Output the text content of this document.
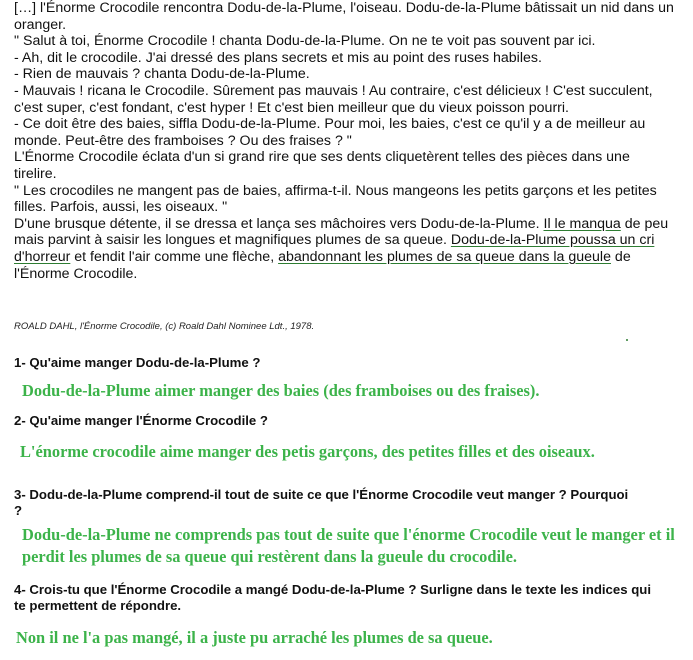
[…] l'Énorme Crocodile rencontra Dodu-de-la-Plume, l'oiseau. Dodu-de-la-Plume bâtissait un nid dans un oranger.

" Salut à toi, Énorme Crocodile ! chanta Dodu-de-la-Plume. On ne te voit pas souvent par ici.

- Ah, dit le crocodile. J'ai dressé des plans secrets et mis au point des ruses habiles.

- Rien de mauvais ? chanta Dodu-de-la-Plume.

- Mauvais ! ricana le Crocodile. Sûrement pas mauvais ! Au contraire, c'est délicieux ! C'est succulent, c'est super, c'est fondant, c'est hyper ! Et c'est bien meilleur que du vieux poisson pourri.

- Ce doit être des baies, siffla Dodu-de-la-Plume. Pour moi, les baies, c'est ce qu'il y a de meilleur au monde. Peut-être des framboises ? Ou des fraises ? "

L'Énorme Crocodile éclata d'un si grand rire que ses dents cliquetèrent telles des pièces dans une tirelire.

" Les crocodiles ne mangent pas de baies, affirma-t-il. Nous mangeons les petits garçons et les petites filles. Parfois, aussi, les oiseaux. "

D'une brusque détente, il se dressa et lança ses mâchoires vers Dodu-de-la-Plume. Il le manqua de peu mais parvint à saisir les longues et magnifiques plumes de sa queue. Dodu-de-la-Plume poussa un cri d'horreur et fendit l'air comme une flèche, abandonnant les plumes de sa queue dans la gueule de l'Énorme Crocodile.

ROALD DAHL, l'Énorme Crocodile, (c) Roald Dahl Nominee Ldt., 1978.
1- Qu'aime manger Dodu-de-la-Plume ?
Dodu-de-la-Plume aimer manger des baies (des framboises ou des fraises).
2- Qu'aime manger l'Énorme Crocodile ?
L'énorme crocodile aime manger des petis garçons, des petites filles et des oiseaux.
3- Dodu-de-la-Plume comprend-il tout de suite ce que l'Énorme Crocodile veut manger ? Pourquoi ?
Dodu-de-la-Plume ne comprends pas tout de suite que l'énorme Crocodile veut le manger et il perdit les plumes de sa queue qui restèrent dans la gueule du crocodile.
4- Crois-tu que l'Énorme Crocodile a mangé Dodu-de-la-Plume ? Surligne dans le texte les indices qui te permettent de répondre.
Non il ne l'a pas mangé, il a juste pu arraché les plumes de sa queue.
